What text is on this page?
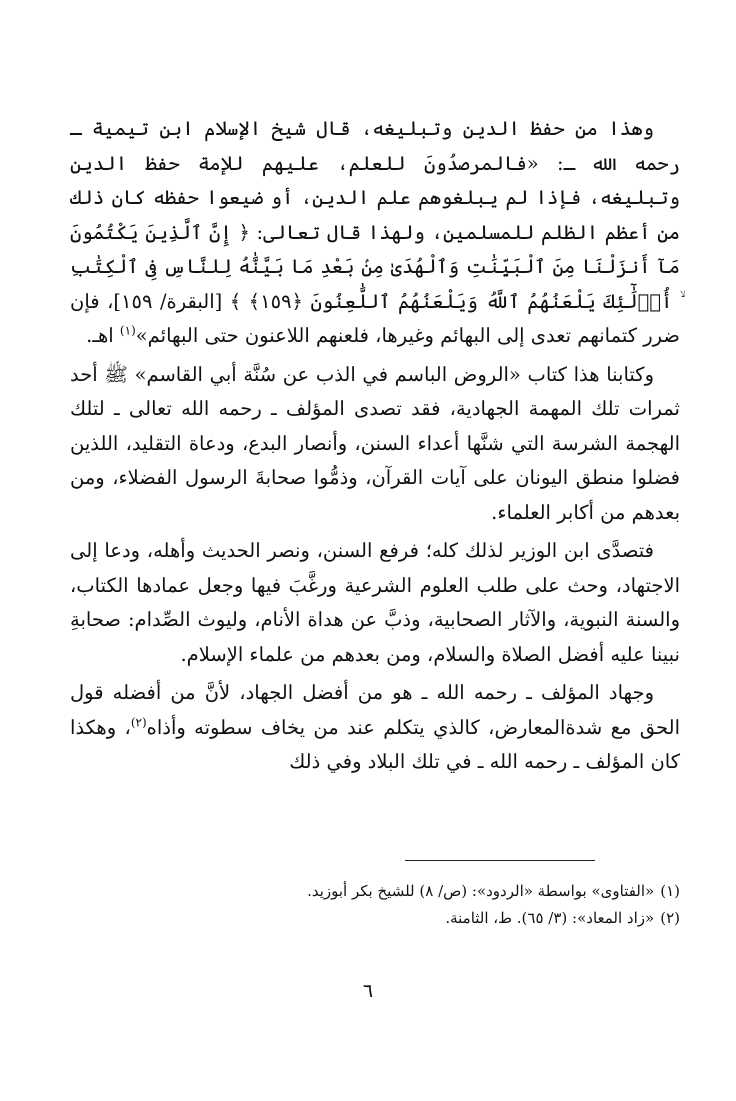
وهذا من حفظ الدين وتبليغه، قال شيخ الإسلام ابن تيمية ـ رحمه الله ـ: «فالمرصدُونَ للعلم، عليهم للإمة حفظ الدين وتبليغه، فإذا لم يبلغوهم علم الدين، أو ضيعوا حفظه كان ذلك من أعظم الظلم للمسلمين، ولهذا قال تعالى: ﴿ إِنَّ ٱلَّذِينَ يَكْتُمُونَ مَآ أَنزَلْنَا مِنَ ٱلْبَيِّنَٰتِ وَٱلْهُدَىٰ مِنۢ بَعْدِ مَا بَيَّنَّٰهُ لِلنَّاسِ فِى ٱلْكِتَٰبِ ۙ أُو۟لَٰٓئِكَ يَلْعَنُهُمُ ٱللَّهُ وَيَلْعَنُهُمُ ٱللَّٰعِنُونَ ﴿١٥٩﴾ ﴾ [البقرة/ ١٥٩]، فإن ضرر كتمانهم تعدى إلى البهائم وغيرها، فلعنهم اللاعنون حتى البهائم»$^{(١)}$ اهـ.

وكتابنا هذا كتاب «الروض الباسم في الذب عن سُنَّة أبي القاسم» ﷺ أحد ثمرات تلك المهمة الجهادية، فقد تصدى المؤلف ـ رحمه الله تعالى ـ لتلك الهجمة الشرسة التي شنَّها أعداء السنن، وأنصار البدع، ودعاة التقليد، اللذين فضلوا منطق اليونان على آيات القرآن، وذمُّوا صحابةَ الرسول الفضلاء، ومن بعدهم من أكابر العلماء.

فتصدَّى ابن الوزير لذلك كله؛ فرفع السنن، ونصر الحديث وأهله، ودعا إلى الاجتهاد، وحث على طلب العلوم الشرعية ورغَّبَ فيها وجعل عمادها الكتاب، والسنة النبوية، والآثار الصحابية، وذبَّ عن هداة الأنام، وليوث الصِّدام: صحابةِ نبينا عليه أفضل الصلاة والسلام، ومن بعدهم من علماء الإسلام.

وجهاد المؤلف ـ رحمه الله ـ هو من أفضل الجهاد، لأنَّ من أفضله قول الحق مع شدةالمعارض، كالذي يتكلم عند من يخاف سطوته وأذاه$^{(٢)}$، وهكذا كان المؤلف ـ رحمه الله ـ في تلك البلاد وفي ذلك

(١)«الفتاوى» بواسطة «الردود»: (ص/ ٨) للشيخ بكر أبوزيد.

(٢)«زاد المعاد»: (٣/ ٦٥). ط، الثامنة.

٦
